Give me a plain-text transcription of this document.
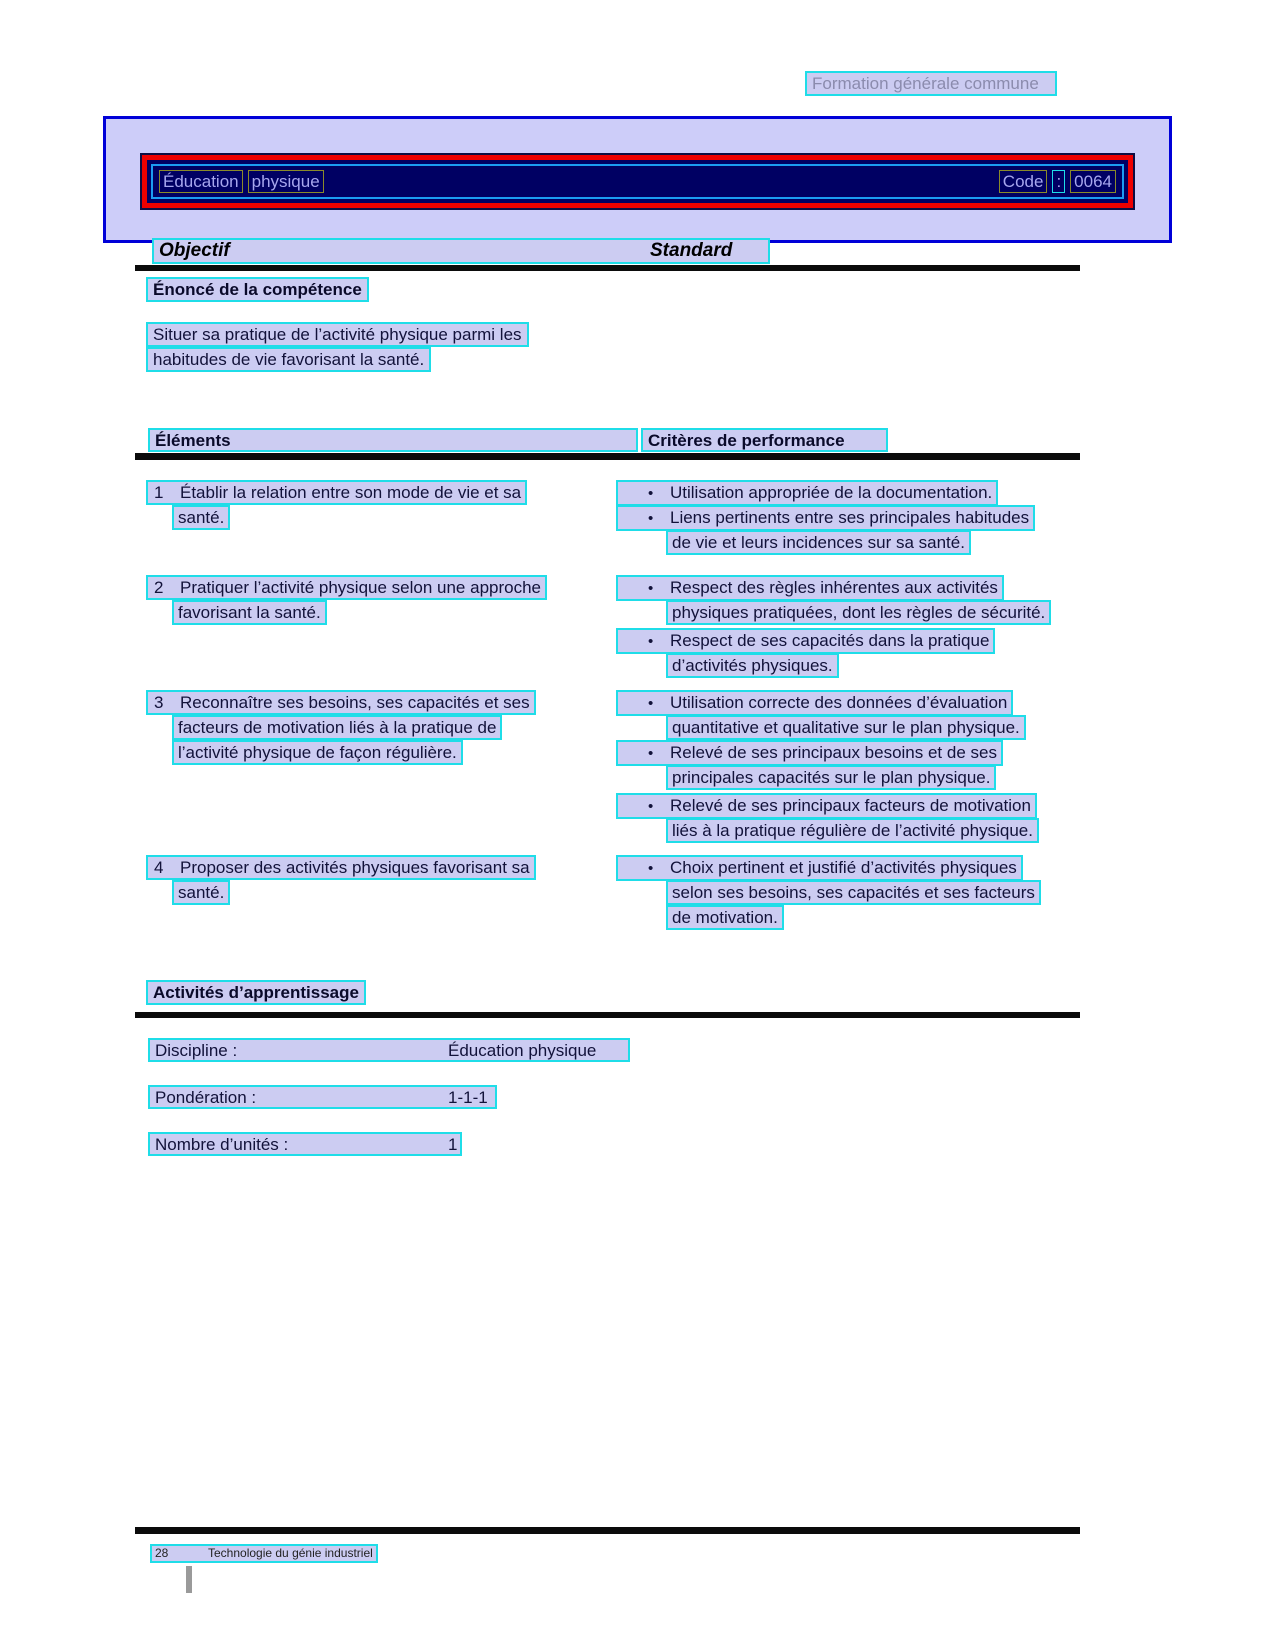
Formation générale commune
Éducation physique	Code : 0064
Objectif	Standard
Énoncé de la compétence
Situer sa pratique de l’activité physique parmi les
habitudes de vie favorisant la santé.
Éléments	Critères de performance
1 Établir la relation entre son mode de vie et sa
santé.
• Utilisation appropriée de la documentation.
• Liens pertinents entre ses principales habitudes
de vie et leurs incidences sur sa santé.
2 Pratiquer l’activité physique selon une approche
favorisant la santé.
• Respect des règles inhérentes aux activités
physiques pratiquées, dont les règles de sécurité.
• Respect de ses capacités dans la pratique
d’activités physiques.
3 Reconnaître ses besoins, ses capacités et ses
facteurs de motivation liés à la pratique de
l’activité physique de façon régulière.
• Utilisation correcte des données d’évaluation
quantitative et qualitative sur le plan physique.
• Relevé de ses principaux besoins et de ses
principales capacités sur le plan physique.
• Relevé de ses principaux facteurs de motivation
liés à la pratique régulière de l’activité physique.
4 Proposer des activités physiques favorisant sa
santé.
• Choix pertinent et justifié d’activités physiques
selon ses besoins, ses capacités et ses facteurs
de motivation.
Activités d’apprentissage
Discipline :	Éducation physique
Pondération :	1-1-1
Nombre d’unités :	1
28	Technologie du génie industriel
